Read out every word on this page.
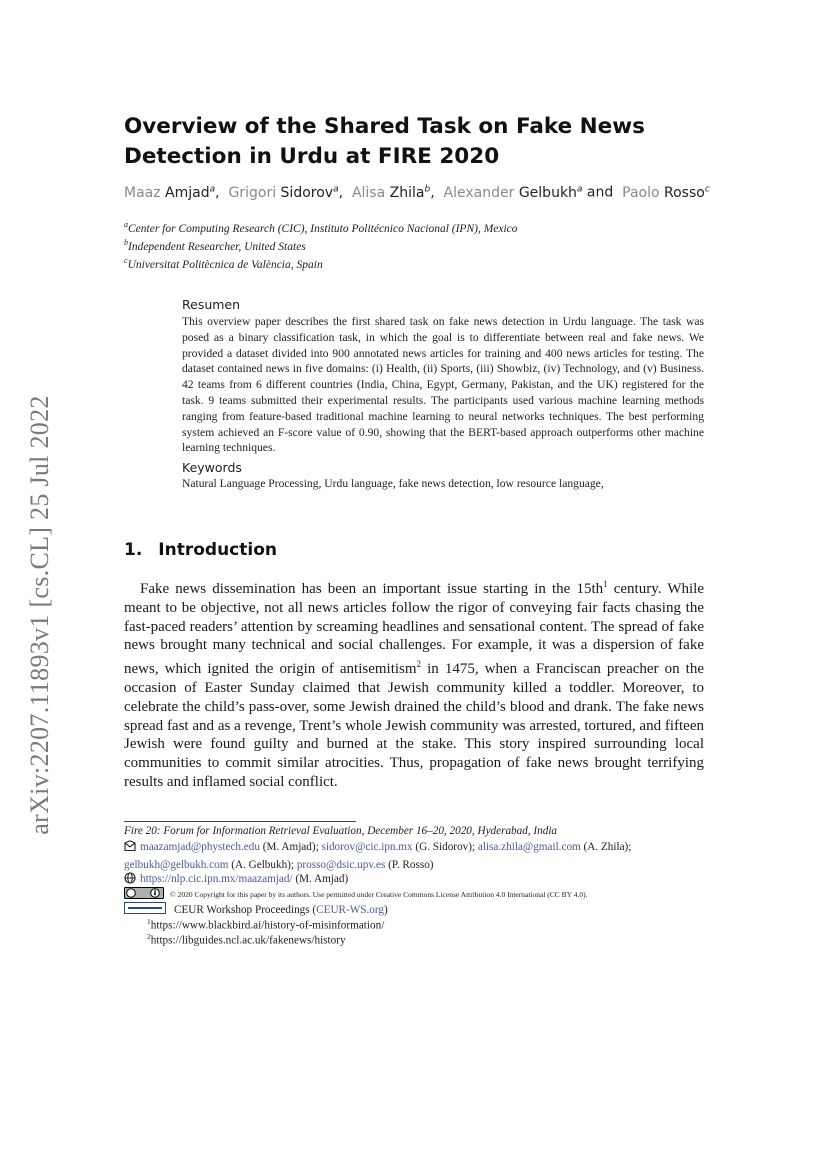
arXiv:2207.11893v1 [cs.CL] 25 Jul 2022
Overview of the Shared Task on Fake News
Detection in Urdu at FIRE 2020
Maaz Amjad$^a$, Grigori Sidorov$^a$, Alisa Zhila$^b$, Alexander Gelbukh$^a$ and Paolo Rosso$^c$
$^a$Center for Computing Research (CIC), Instituto Politécnico Nacional (IPN), Mexico
$^b$Independent Researcher, United States
$^c$Universitat Politècnica de València, Spain
Resumen
This overview paper describes the first shared task on fake news detection in Urdu language. The task was posed as a binary classification task, in which the goal is to differentiate between real and fake news. We provided a dataset divided into 900 annotated news articles for training and 400 news articles for testing. The dataset contained news in five domains: (i) Health, (ii) Sports, (iii) Showbiz, (iv) Technology, and (v) Business. 42 teams from 6 different countries (India, China, Egypt, Germany, Pakistan, and the UK) registered for the task. 9 teams submitted their experimental results. The participants used various machine learning methods ranging from feature-based traditional machine learning to neural networks techniques. The best performing system achieved an F-score value of 0.90, showing that the BERT-based approach outperforms other machine learning techniques.
Keywords
Natural Language Processing, Urdu language, fake news detection, low resource language,
1. Introduction
Fake news dissemination has been an important issue starting in the $15th^1$ century. While meant to be objective, not all news articles follow the rigor of conveying fair facts chasing the fast-paced readers’ attention by screaming headlines and sensational content. The spread of fake news brought many technical and social challenges. For example, it was a dispersion of fake news, which ignited the origin of antisemitism$^2$ in 1475, when a Franciscan preacher on the occasion of Easter Sunday claimed that Jewish community killed a toddler. Moreover, to celebrate the child’s pass-over, some Jewish drained the child’s blood and drank. The fake news spread fast and as a revenge, Trent’s whole Jewish community was arrested, tortured, and fifteen Jewish were found guilty and burned at the stake. This story inspired surrounding local communities to commit similar atrocities. Thus, propagation of fake news brought terrifying results and inflamed social conflict.
Fire 20: Forum for Information Retrieval Evaluation, December 16–20, 2020, Hyderabad, India
maazamjad@phystech.edu (M. Amjad); sidorov@cic.ipn.mx (G. Sidorov); alisa.zhila@gmail.com (A. Zhila); gelbukh@gelbukh.com (A. Gelbukh); prosso@dsic.upv.es (P. Rosso)
https://nlp.cic.ipn.mx/maazamjad/ (M. Amjad)
© 2020 Copyright for this paper by its authors. Use permitted under Creative Commons License Attribution 4.0 International (CC BY 4.0).
CEUR Workshop Proceedings (CEUR-WS.org)
$^1$https://www.blackbird.ai/history-of-misinformation/
$^2$https://libguides.ncl.ac.uk/fakenews/history
